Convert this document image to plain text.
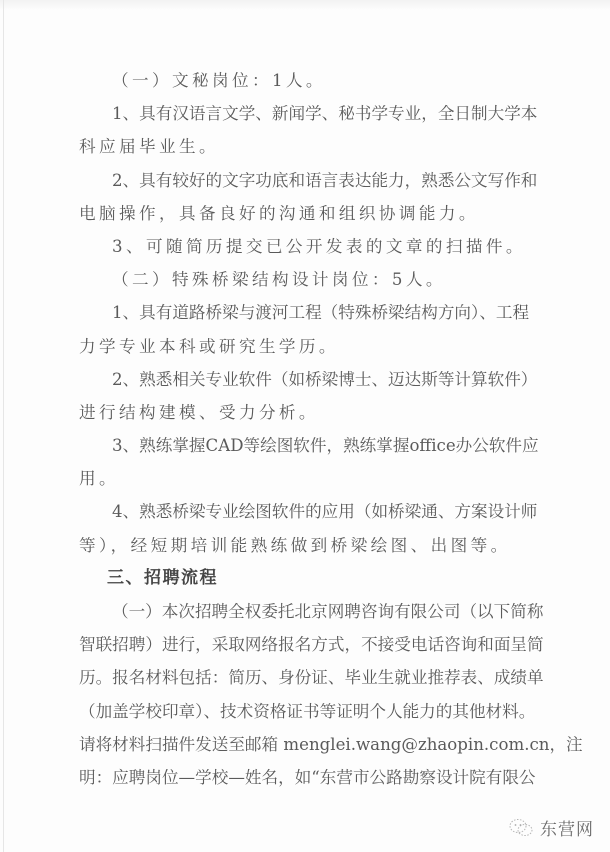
（一）文秘岗位：1人。
1、具有汉语言文学、新闻学、秘书学专业，全日制大学本
科应届毕业生。
2、具有较好的文字功底和语言表达能力，熟悉公文写作和
电脑操作，具备良好的沟通和组织协调能力。
3、可随简历提交已公开发表的文章的扫描件。
（二）特殊桥梁结构设计岗位：5人。
1、具有道路桥梁与渡河工程（特殊桥梁结构方向）、工程
力学专业本科或研究生学历。
2、熟悉相关专业软件（如桥梁博士、迈达斯等计算软件）
进行结构建模、受力分析。
3、熟练掌握CAD等绘图软件，熟练掌握office办公软件应
用。
4、熟悉桥梁专业绘图软件的应用（如桥梁通、方案设计师
等），经短期培训能熟练做到桥梁绘图、出图等。
三、招聘流程
（一）本次招聘全权委托北京网聘咨询有限公司（以下简称
智联招聘）进行，采取网络报名方式，不接受电话咨询和面呈简
历。报名材料包括：简历、身份证、毕业生就业推荐表、成绩单
（加盖学校印章）、技术资格证书等证明个人能力的其他材料。
请将材料扫描件发送至邮箱 menglei.wang@zhaopin.com.cn，注
明：应聘岗位—学校—姓名，如“东营市公路勘察设计院有限公
东营网
